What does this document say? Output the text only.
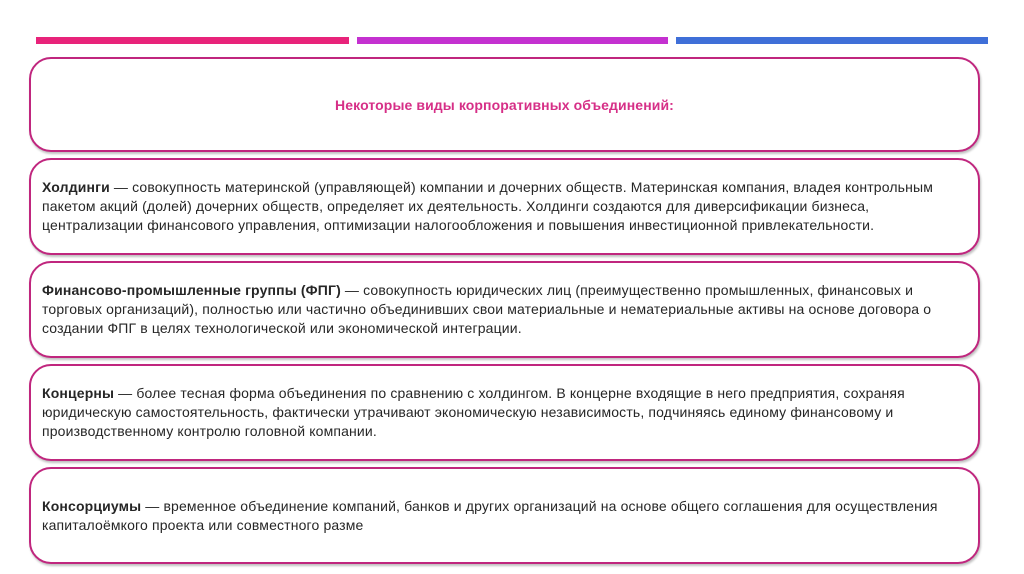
Некоторые виды корпоративных объединений:

Холдинги — совокупность материнской (управляющей) компании и дочерних обществ. Материнская компания, владея контрольным пакетом акций (долей) дочерних обществ, определяет их деятельность. Холдинги создаются для диверсификации бизнеса, централизации финансового управления, оптимизации налогообложения и повышения инвестиционной привлекательности.

Финансово-промышленные группы (ФПГ) — совокупность юридических лиц (преимущественно промышленных, финансовых и торговых организаций), полностью или частично объединивших свои материальные и нематериальные активы на основе договора о создании ФПГ в целях технологической или экономической интеграции.

Концерны — более тесная форма объединения по сравнению с холдингом. В концерне входящие в него предприятия, сохраняя юридическую самостоятельность, фактически утрачивают экономическую независимость, подчиняясь единому финансовому и производственному контролю головной компании.

Консорциумы — временное объединение компаний, банков и других организаций на основе общего соглашения для осуществления капиталоёмкого проекта или совместного разме
